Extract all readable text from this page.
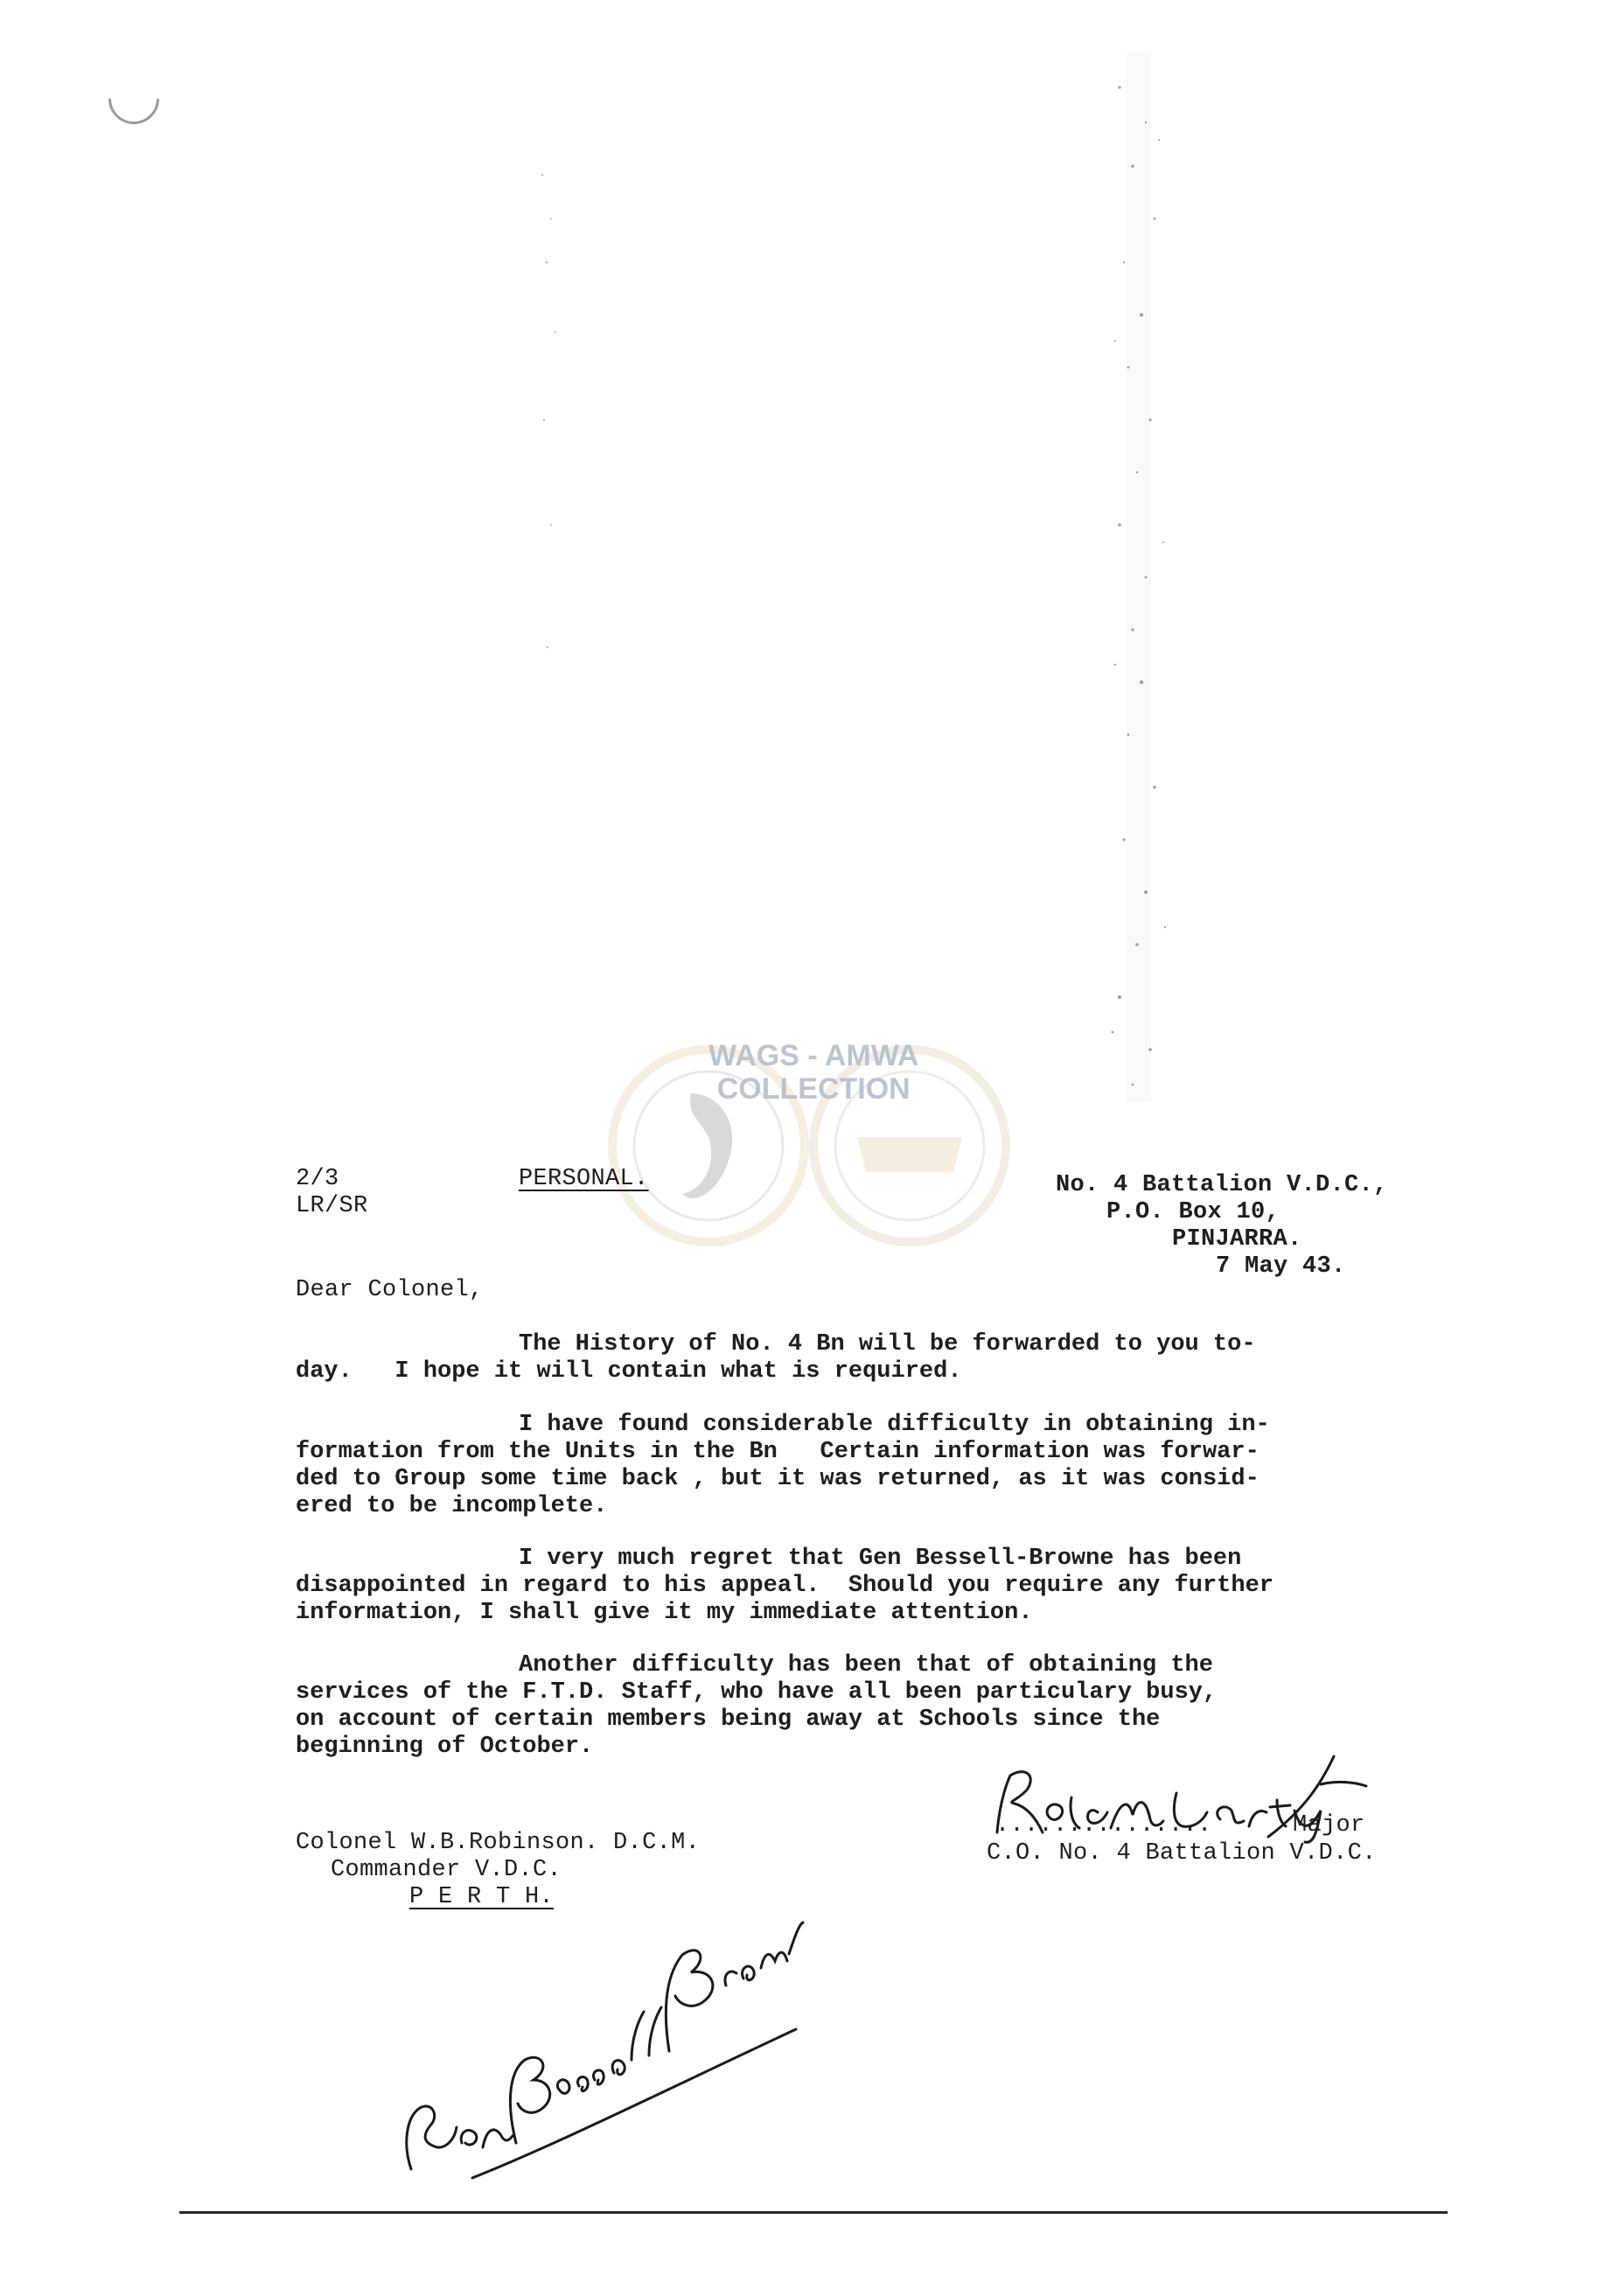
WAGS - AMWA
COLLECTION
2/3
LR/SR
PERSONAL.	No. 4 Battalion V.D.C.,
P.O. Box 10,
PINJARRA.
7 May 43.
Dear Colonel,
The History of No. 4 Bn will be forwarded to you to-
day.   I hope it will contain what is required.
I have found considerable difficulty in obtaining in-
formation from the Units in the Bn   Certain information was forwar-
ded to Group some time back , but it was returned, as it was consid-
ered to be incomplete.
I very much regret that Gen Bessell-Browne has been
disappointed in regard to his appeal.  Should you require any further
information, I shall give it my immediate attention.
Another difficulty has been that of obtaining the
services of the F.T.D. Staff, who have all been particulary busy,
on account of certain members being away at Schools since the
beginning of October.
...............	Major
C.O. No. 4 Battalion V.D.C.
Colonel W.B.Robinson. D.C.M.
Commander V.D.C.
P E R T H.
